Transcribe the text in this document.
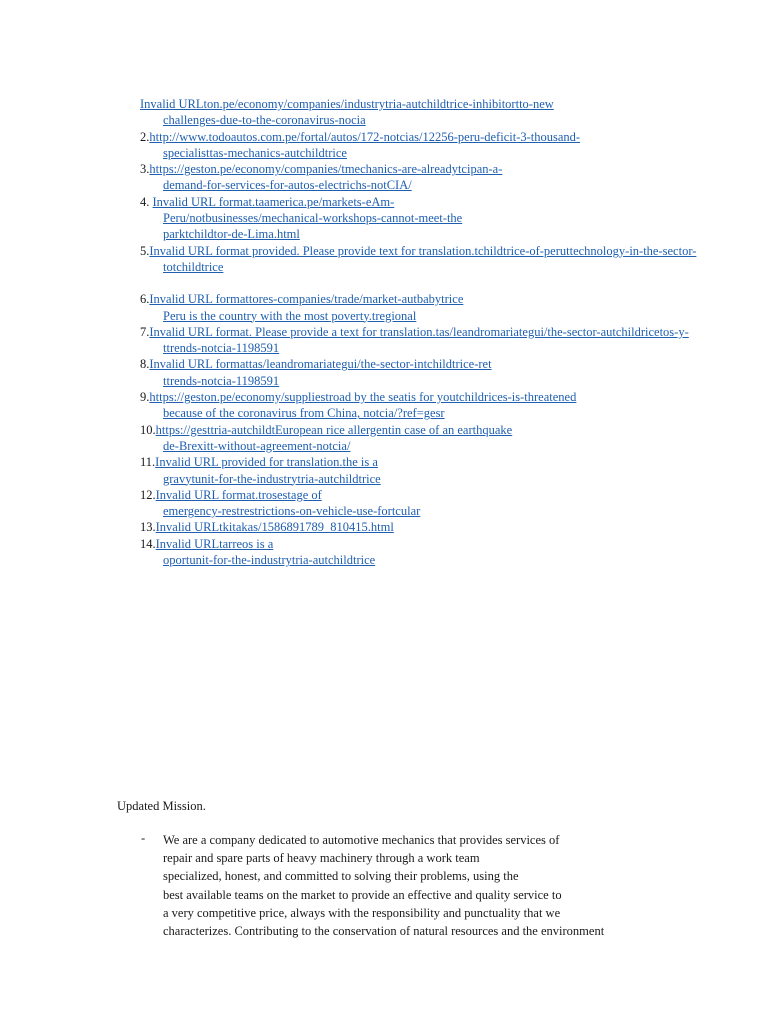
Invalid URLton.pe/economy/companies/industrytria-autchildtrice-inhibitortto-new
challenges-due-to-the-coronavirus-nocia
2.http://www.todoautos.com.pe/fortal/autos/172-notcias/12256-peru-deficit-3-thousand-
specialisttas-mechanics-autchildtrice
3.https://geston.pe/economy/companies/tmechanics-are-alreadytcipan-a-
demand-for-services-for-autos-electrichs-notCIA/
4. Invalid URL format.taamerica.pe/markets-eAm-
Peru/notbusinesses/mechanical-workshops-cannot-meet-the
parktchildtor-de-Lima.html
5.Invalid URL format provided. Please provide text for translation.tchildtrice-of-peruttechnology-in-the-sector-
totchildtrice
6.Invalid URL formattores-companies/trade/market-autbabytrice
Peru is the country with the most poverty.tregional
7.Invalid URL format. Please provide a text for translation.tas/leandromariategui/the-sector-autchildricetos-y-
ttrends-notcia-1198591
8.Invalid URL formattas/leandromariategui/the-sector-intchildtrice-ret
ttrends-notcia-1198591
9.https://geston.pe/economy/suppliestroad by the seatis for youtchildrices-is-threatened
because of the coronavirus from China, notcia/?ref=gesr
10.https://gesttria-autchildtEuropean rice allergentin case of an earthquake
de-Brexitt-without-agreement-notcia/
11.Invalid URL provided for translation.the is a
gravytunit-for-the-industrytria-autchildtrice
12.Invalid URL format.trosestage of
emergency-restrestrictions-on-vehicle-use-fortcular
13.Invalid URLtkitakas/1586891789_810415.html
14.Invalid URLtarreos is a
oportunit-for-the-industrytria-autchildtrice
Updated Mission.
- We are a company dedicated to automotive mechanics that provides services of
repair and spare parts of heavy machinery through a work team
specialized, honest, and committed to solving their problems, using the
best available teams on the market to provide an effective and quality service to
a very competitive price, always with the responsibility and punctuality that we
characterizes. Contributing to the conservation of natural resources and the environment
